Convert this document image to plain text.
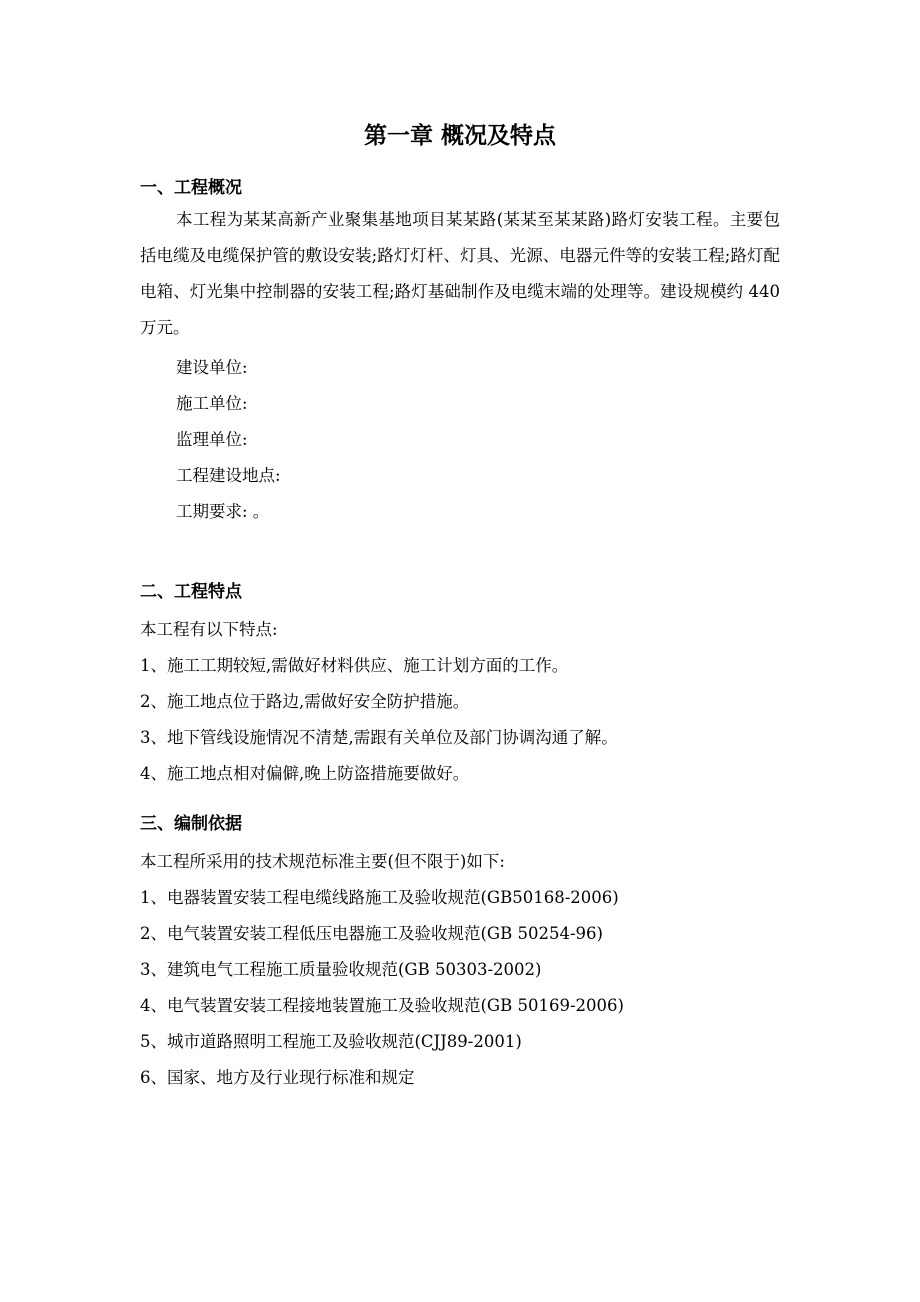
第一章 概况及特点
一、工程概况
本工程为某某高新产业聚集基地项目某某路(某某至某某路)路灯安装工程。主要包括电缆及电缆保护管的敷设安装;路灯灯杆、灯具、光源、电器元件等的安装工程;路灯配电箱、灯光集中控制器的安装工程;路灯基础制作及电缆末端的处理等。建设规模约 440 万元。
建设单位:
施工单位:
监理单位:
工程建设地点:
工期要求: 。
二、工程特点
本工程有以下特点:
1、施工工期较短,需做好材料供应、施工计划方面的工作。
2、施工地点位于路边,需做好安全防护措施。
3、地下管线设施情况不清楚,需跟有关单位及部门协调沟通了解。
4、施工地点相对偏僻,晚上防盗措施要做好。
三、编制依据
本工程所采用的技术规范标准主要(但不限于)如下:
1、电器装置安装工程电缆线路施工及验收规范(GB50168-2006)
2、电气装置安装工程低压电器施工及验收规范(GB 50254-96)
3、建筑电气工程施工质量验收规范(GB 50303-2002)
4、电气装置安装工程接地装置施工及验收规范(GB 50169-2006)
5、城市道路照明工程施工及验收规范(CJJ89-2001)
6、国家、地方及行业现行标准和规定
